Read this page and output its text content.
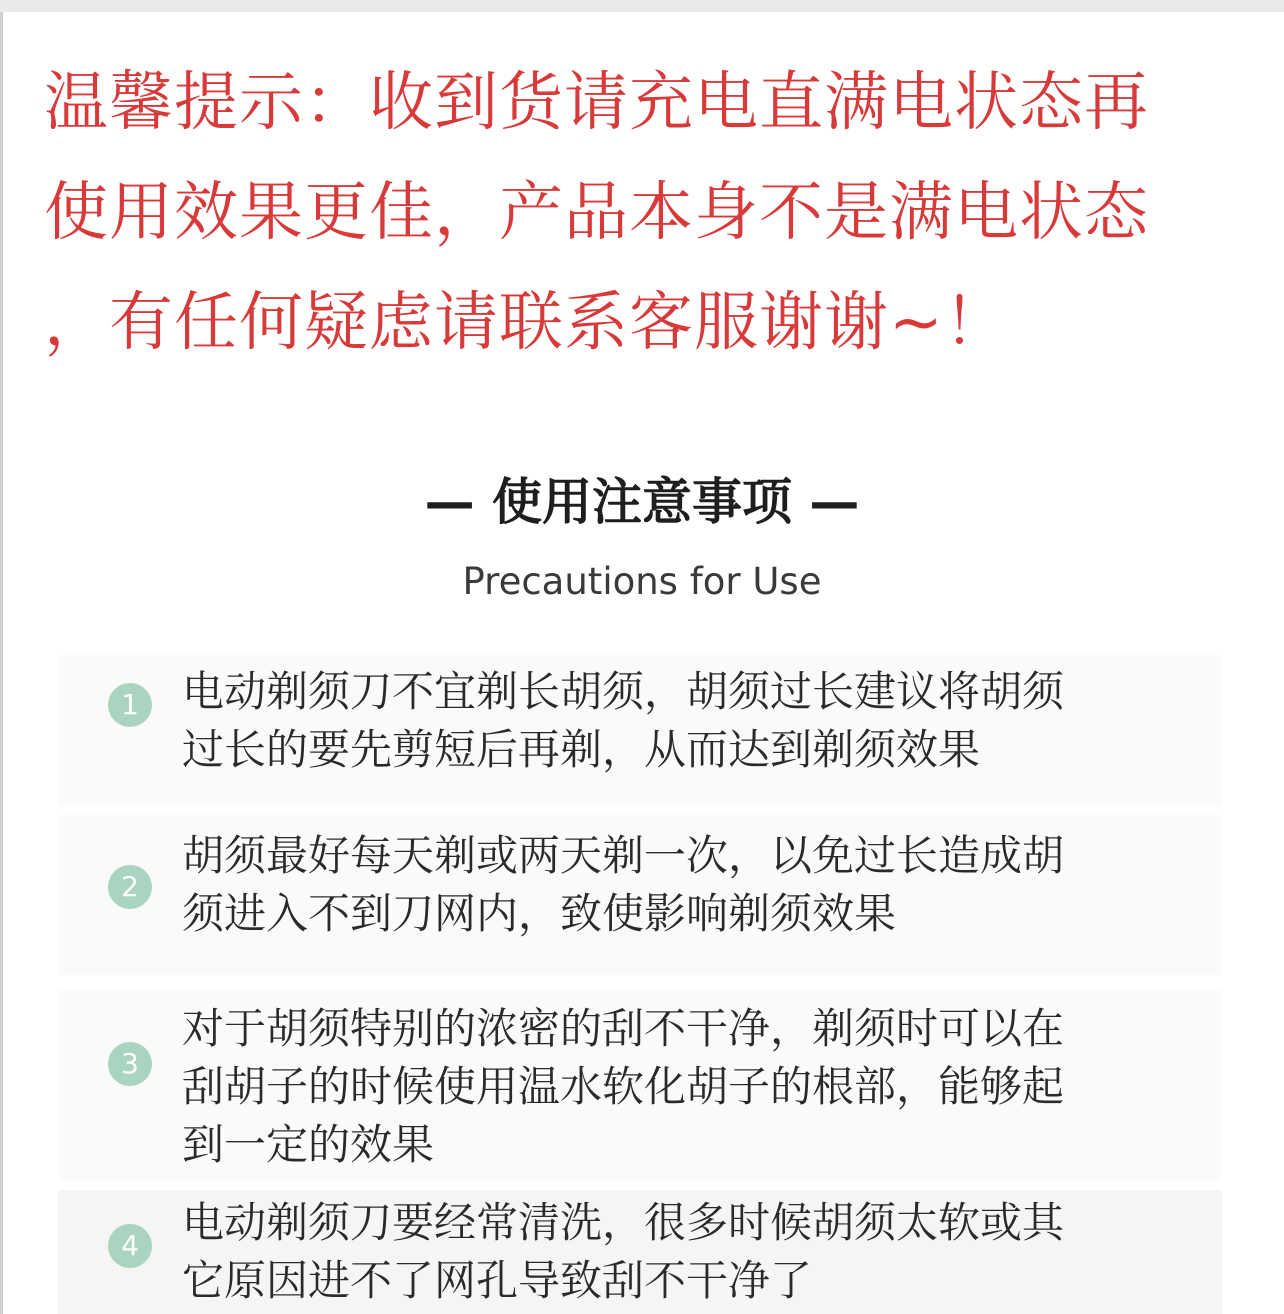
温馨提示：收到货请充电直满电状态再
使用效果更佳，产品本身不是满电状态
，有任何疑虑请联系客服谢谢~！
— 使用注意事项 —
Precautions for Use
1	电动剃须刀不宜剃长胡须，胡须过长建议将胡须
过长的要先剪短后再剃，从而达到剃须效果
2
胡须最好每天剃或两天剃一次，以免过长造成胡
须进入不到刀网内，致使影响剃须效果
3
对于胡须特别的浓密的刮不干净，剃须时可以在
刮胡子的时候使用温水软化胡子的根部，能够起
到一定的效果
4	电动剃须刀要经常清洗，很多时候胡须太软或其
它原因进不了网孔导致刮不干净了
